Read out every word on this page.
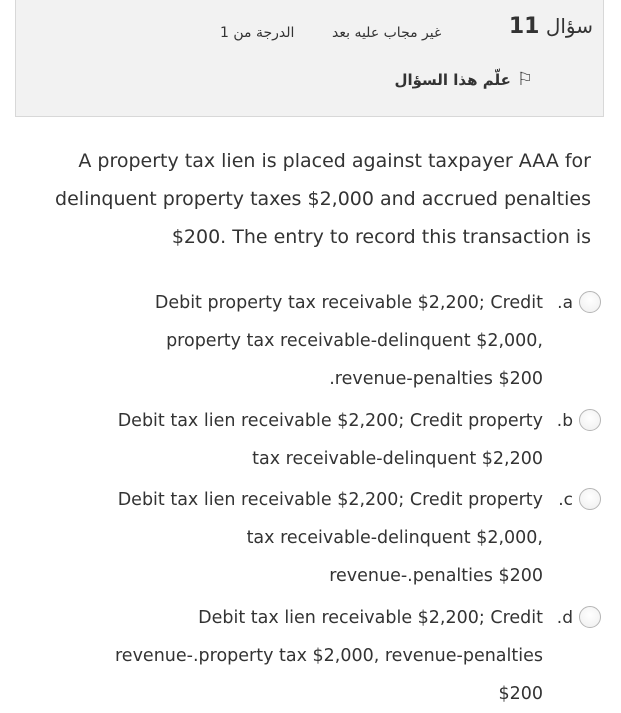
سؤال 11
غير مجاب عليه بعد
الدرجة من 1
⚐
علّم هذا السؤال
A property tax lien is placed against taxpayer AAA for delinquent property taxes $2,000 and accrued penalties $200. The entry to record this transaction is
Debit property tax receivable $2,200; Credit property tax receivable-delinquent $2,000, .revenue-penalties $200
.a
Debit tax lien receivable $2,200; Credit property tax receivable-delinquent $2,200
.b
Debit tax lien receivable $2,200; Credit property tax receivable-delinquent $2,000, revenue-.penalties $200
.c
Debit tax lien receivable $2,200; Credit revenue-.property tax $2,000, revenue-penalties $200
.d
